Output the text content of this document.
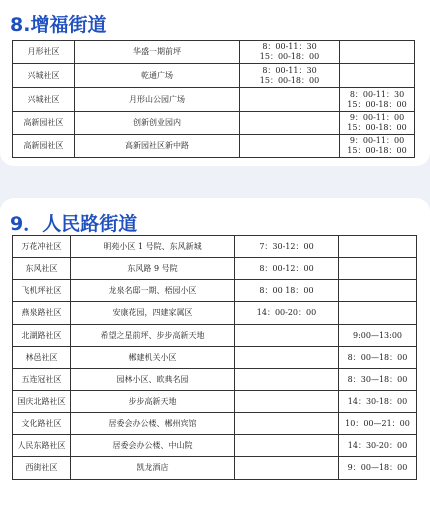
8.增福街道
月形社区	华盛一期前坪	8：00-11：30
15：00-18：00	

兴城社区	乾通广场	8：00-11：30
15：00-18：00	

兴城社区	月形山公园广场		8：00-11：30
15：00-18：00

高新园社区	创新创业园内		9：00-11：00
15：00-18：00

高新园社区	高新园社区新中路		9：00-11：00
15：00-18：00
9．人民路街道
万花冲社区	明苑小区 1 号院、东风新城	7：30-12：00	

东风社区	东风路 9 号院	8：00-12：00	

飞机坪社区	龙泉名邸一期、梧园小区	8：00 18：00	

燕泉路社区	安康花园，四建家属区	14：00-20：00	

北湖路社区	希望之星前坪、步步高新天地		9:00—13:00

林邑社区	郴建机关小区		8：00—18：00

五连冠社区	园林小区、欧典名园		8：30—18：00

国庆北路社区	步步高新天地		14：30-18：00

文化路社区	居委会办公楼、郴州宾馆		10：00—21：00

人民东路社区	居委会办公楼、中山院		14：30-20：00

西街社区	凯龙酒店		9：00—18：00
